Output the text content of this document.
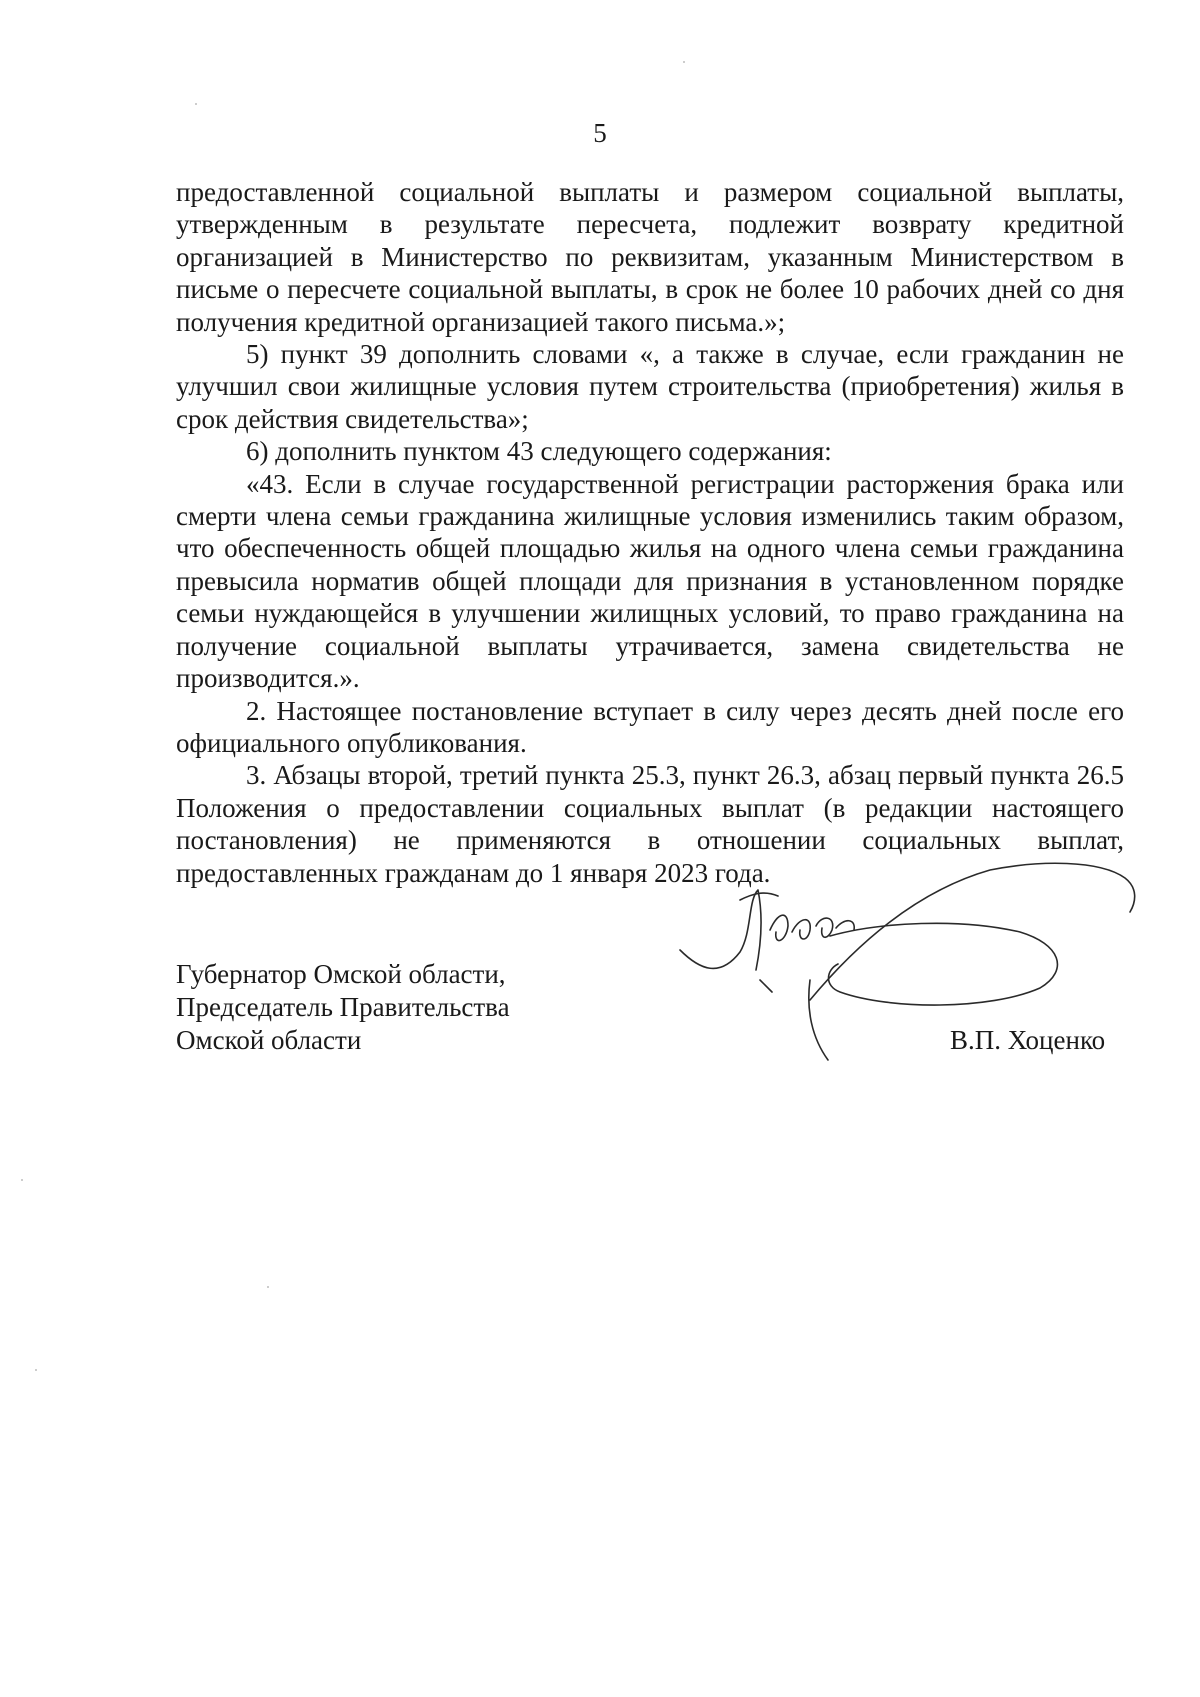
5

предоставленной социальной выплаты и размером социальной выплаты, утвержденным в результате пересчета, подлежит возврату кредитной организацией в Министерство по реквизитам, указанным Министерством в письме о пересчете социальной выплаты, в срок не более 10 рабочих дней со дня получения кредитной организацией такого письма.»;

5) пункт 39 дополнить словами «, а также в случае, если гражданин не улучшил свои жилищные условия путем строительства (приобретения) жилья в срок действия свидетельства»;

6) дополнить пунктом 43 следующего содержания:

«43. Если в случае государственной регистрации расторжения брака или смерти члена семьи гражданина жилищные условия изменились таким образом, что обеспеченность общей площадью жилья на одного члена семьи гражданина превысила норматив общей площади для признания в установленном порядке семьи нуждающейся в улучшении жилищных условий, то право гражданина на получение социальной выплаты утрачивается, замена свидетельства не производится.».

2. Настоящее постановление вступает в силу через десять дней после его официального опубликования.

3. Абзацы второй, третий пункта 25.3, пункт 26.3, абзац первый пункта 26.5 Положения о предоставлении социальных выплат (в редакции настоящего постановления) не применяются в отношении социальных выплат, предоставленных гражданам до 1 января 2023 года.

Губернатор Омской области,
Председатель Правительства
Омской области	В.П. Хоценко
